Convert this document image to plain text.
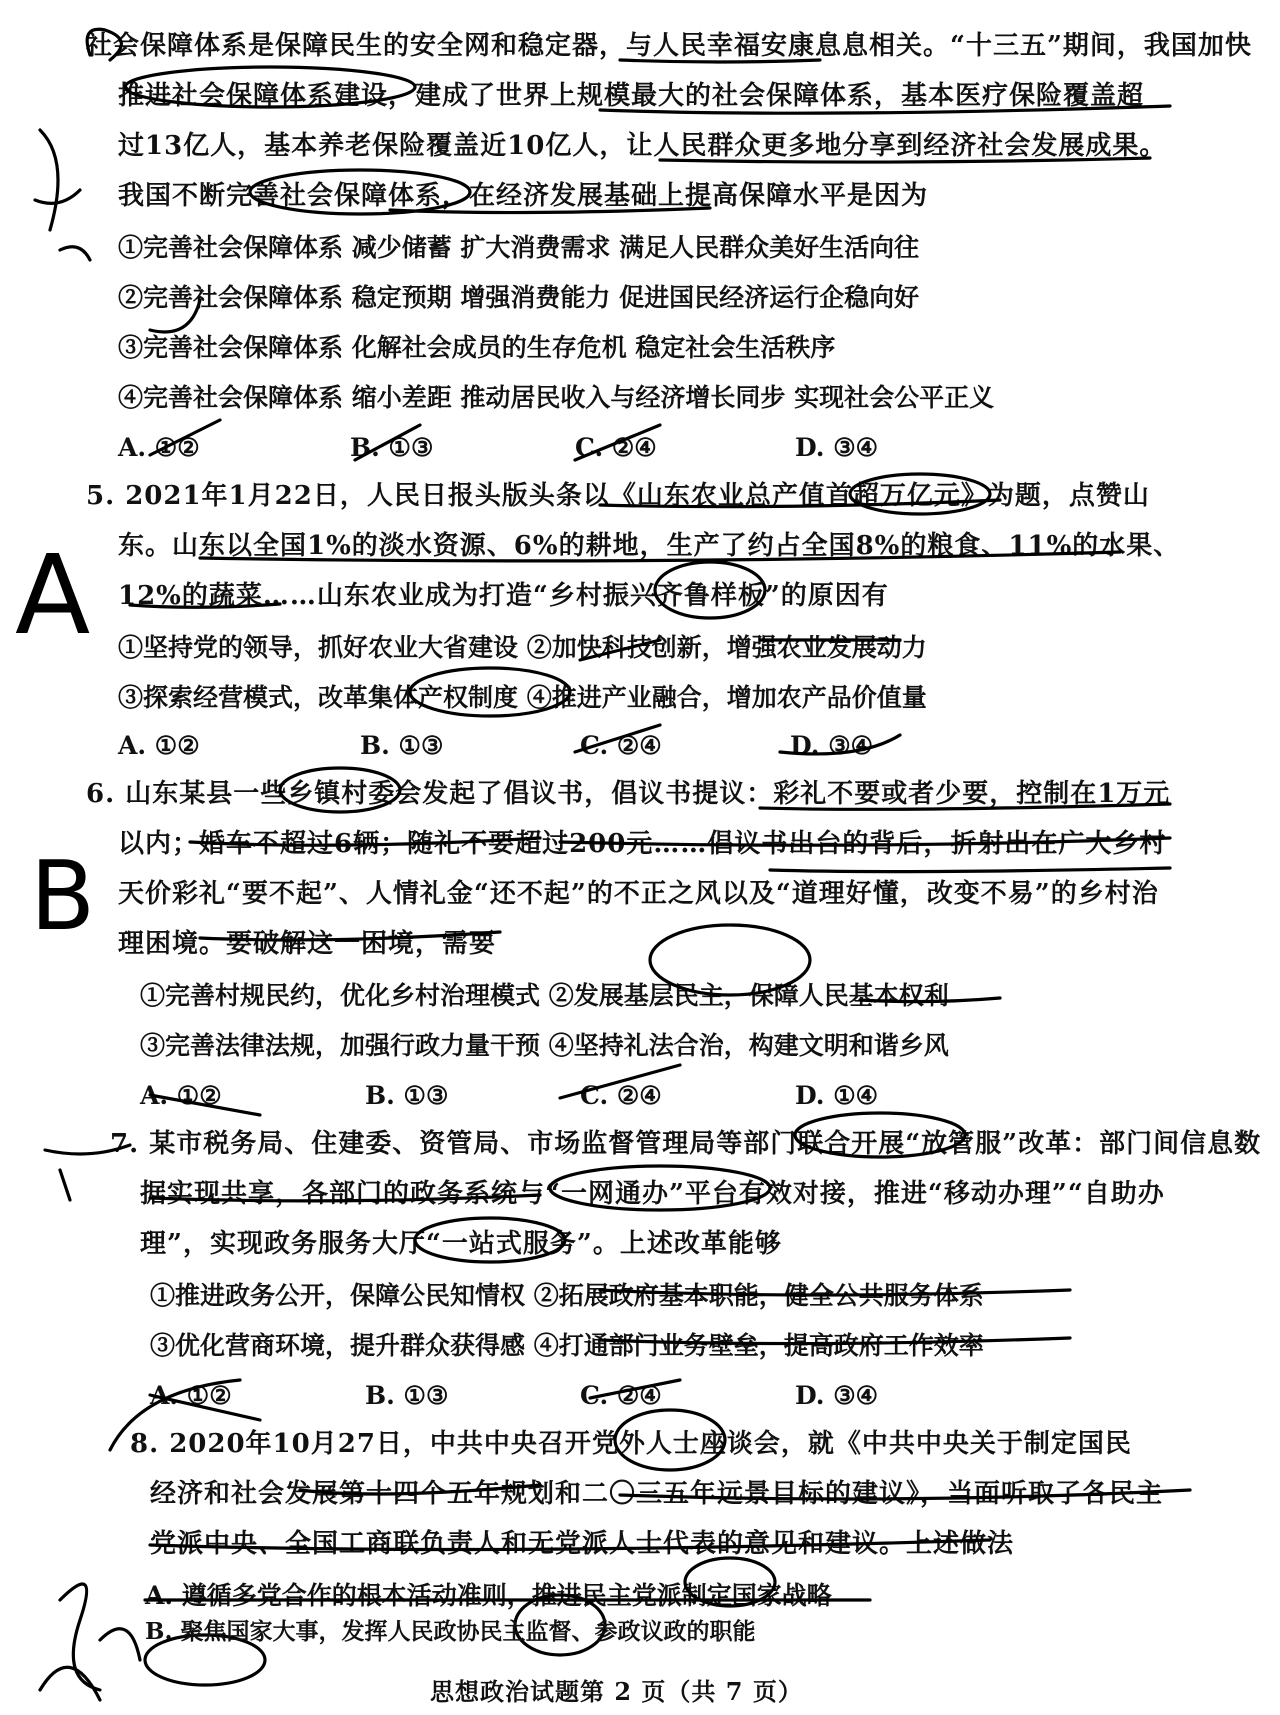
社会保障体系是保障民生的安全网和稳定器，与人民幸福安康息息相关。“十三五”期间，我国加快
推进社会保障体系建设，建成了世界上规模最大的社会保障体系，基本医疗保险覆盖超
过13亿人，基本养老保险覆盖近10亿人，让人民群众更多地分享到经济社会发展成果。
我国不断完善社会保障体系，在经济发展基础上提高保障水平是因为
①完善社会保障体系 减少储蓄 扩大消费需求 满足人民群众美好生活向往
②完善社会保障体系 稳定预期 增强消费能力 促进国民经济运行企稳向好
③完善社会保障体系 化解社会成员的生存危机 稳定社会生活秩序
④完善社会保障体系 缩小差距 推动居民收入与经济增长同步 实现社会公平正义
A. ①②	B. ①③	C. ②④	D. ③④
5. 2021年1月22日，人民日报头版头条以《山东农业总产值首超万亿元》为题，点赞山
东。山东以全国1%的淡水资源、6%的耕地，生产了约占全国8%的粮食、11%的水果、
12%的蔬菜……山东农业成为打造“乡村振兴齐鲁样板”的原因有
①坚持党的领导，抓好农业大省建设 ②加快科技创新，增强农业发展动力
③探索经营模式，改革集体产权制度 ④推进产业融合，增加农产品价值量
A. ①②	B. ①③	C. ②④	D. ③④
6. 山东某县一些乡镇村委会发起了倡议书，倡议书提议：彩礼不要或者少要，控制在1万元
以内；婚车不超过6辆；随礼不要超过200元……倡议书出台的背后，折射出在广大乡村
天价彩礼“要不起”、人情礼金“还不起”的不正之风以及“道理好懂，改变不易”的乡村治
理困境。要破解这一困境，需要
①完善村规民约，优化乡村治理模式 ②发展基层民主，保障人民基本权利
③完善法律法规，加强行政力量干预 ④坚持礼法合治，构建文明和谐乡风
A. ①②	B. ①③	C. ②④	D. ①④
7. 某市税务局、住建委、资管局、市场监督管理局等部门联合开展“放管服”改革：部门间信息数
据实现共享，各部门的政务系统与“一网通办”平台有效对接，推进“移动办理”“自助办
理”，实现政务服务大厅“一站式服务”。上述改革能够
①推进政务公开，保障公民知情权 ②拓展政府基本职能，健全公共服务体系
③优化营商环境，提升群众获得感 ④打通部门业务壁垒，提高政府工作效率
A. ①②	B. ①③	C. ②④	D. ③④
8. 2020年10月27日，中共中央召开党外人士座谈会，就《中共中央关于制定国民
经济和社会发展第十四个五年规划和二〇三五年远景目标的建议》，当面听取了各民主
党派中央、全国工商联负责人和无党派人士代表的意见和建议。上述做法
A. 遵循多党合作的根本活动准则，推进民主党派制定国家战略
思想政治试题第 2 页（共 7 页）
A
B
B. 聚焦国家大事，发挥人民政协民主监督、参政议政的职能
